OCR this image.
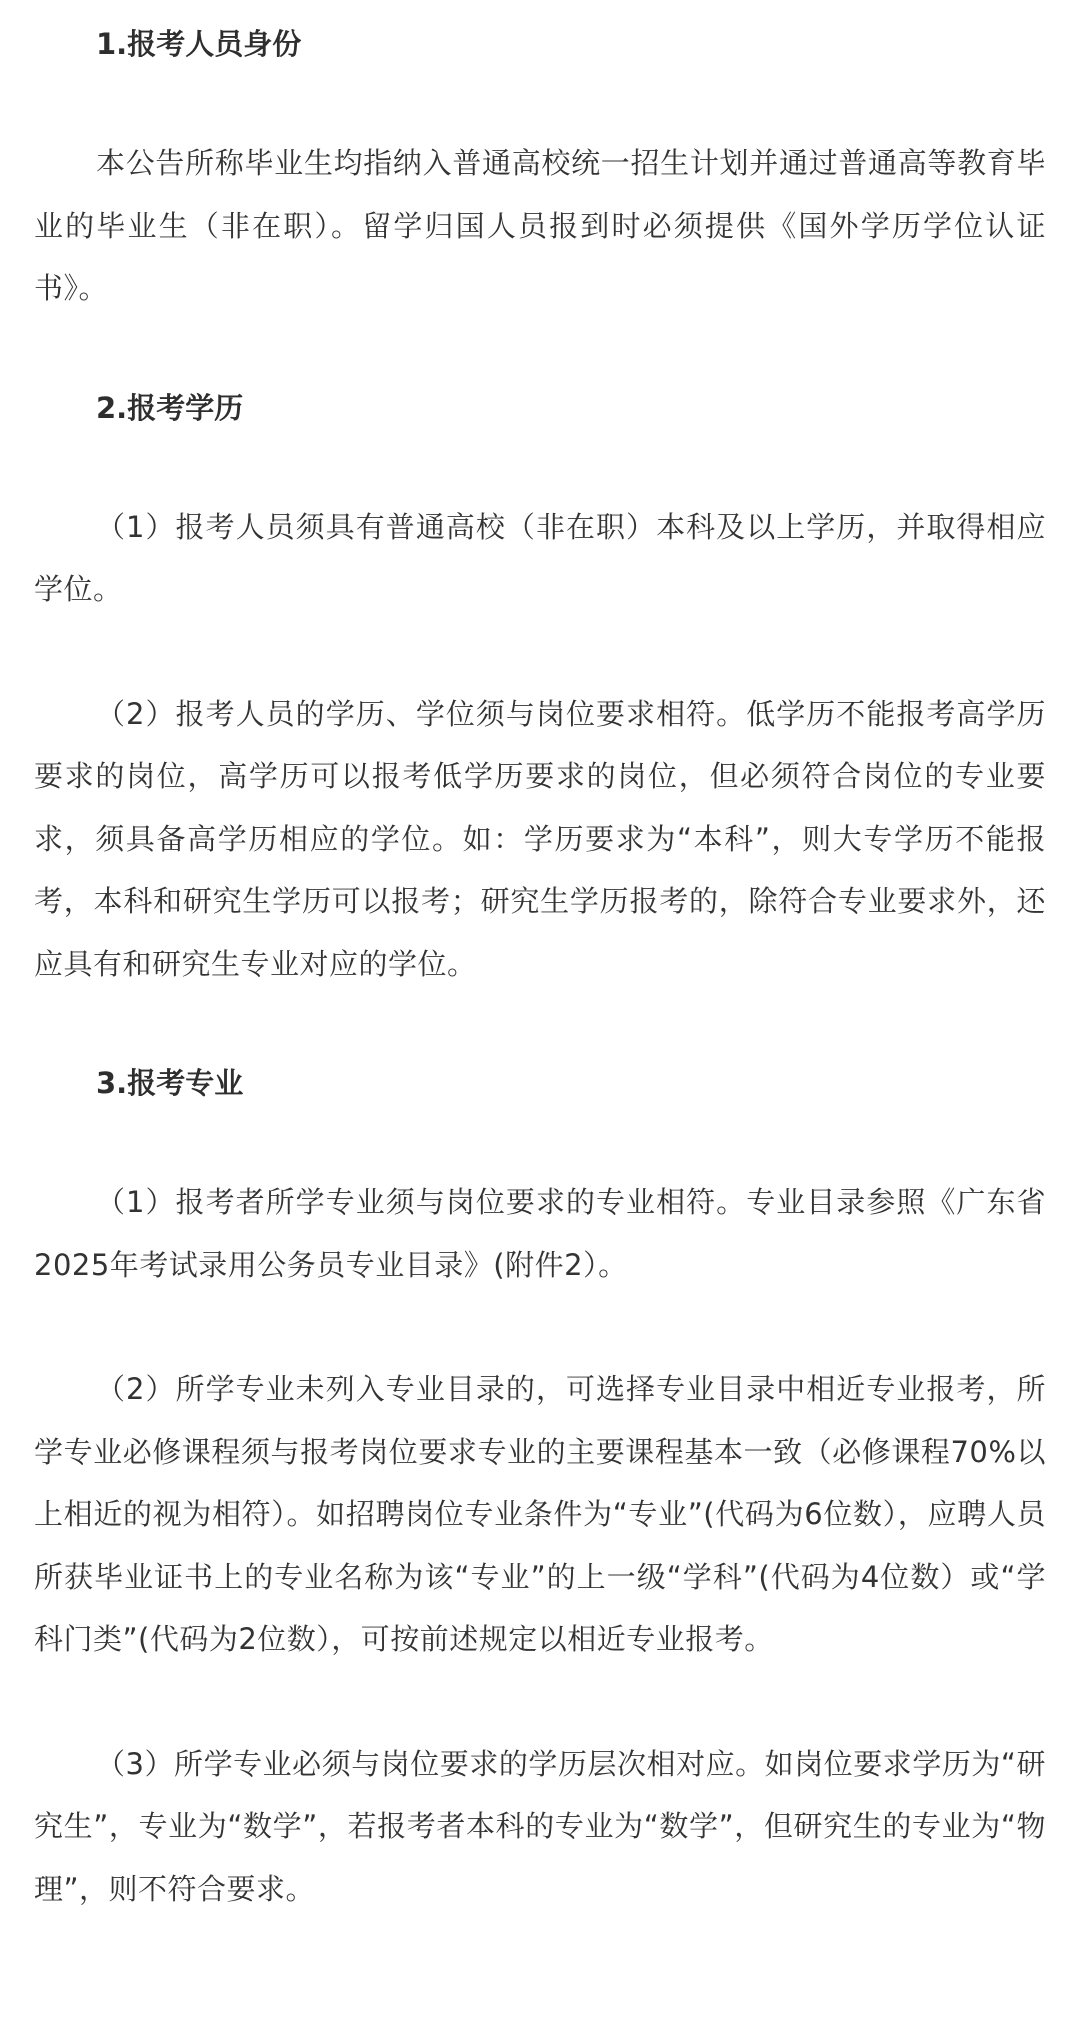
1.报考人员身份

本公告所称毕业生均指纳入普通高校统一招生计划并通过普通高等教育毕业的毕业生（非在职）。留学归国人员报到时必须提供《国外学历学位认证书》。

2.报考学历

（1）报考人员须具有普通高校（非在职）本科及以上学历，并取得相应学位。

（2）报考人员的学历、学位须与岗位要求相符。低学历不能报考高学历要求的岗位，高学历可以报考低学历要求的岗位，但必须符合岗位的专业要求，须具备高学历相应的学位。如：学历要求为“本科”，则大专学历不能报考，本科和研究生学历可以报考；研究生学历报考的，除符合专业要求外，还应具有和研究生专业对应的学位。

3.报考专业

（1）报考者所学专业须与岗位要求的专业相符。专业目录参照《广东省2025年考试录用公务员专业目录》(附件2）。

（2）所学专业未列入专业目录的，可选择专业目录中相近专业报考，所学专业必修课程须与报考岗位要求专业的主要课程基本一致（必修课程70%以上相近的视为相符）。如招聘岗位专业条件为“专业”(代码为6位数），应聘人员所获毕业证书上的专业名称为该“专业”的上一级“学科”(代码为4位数）或“学科门类”(代码为2位数），可按前述规定以相近专业报考。

（3）所学专业必须与岗位要求的学历层次相对应。如岗位要求学历为“研究生”，专业为“数学”，若报考者本科的专业为“数学”，但研究生的专业为“物理”，则不符合要求。
